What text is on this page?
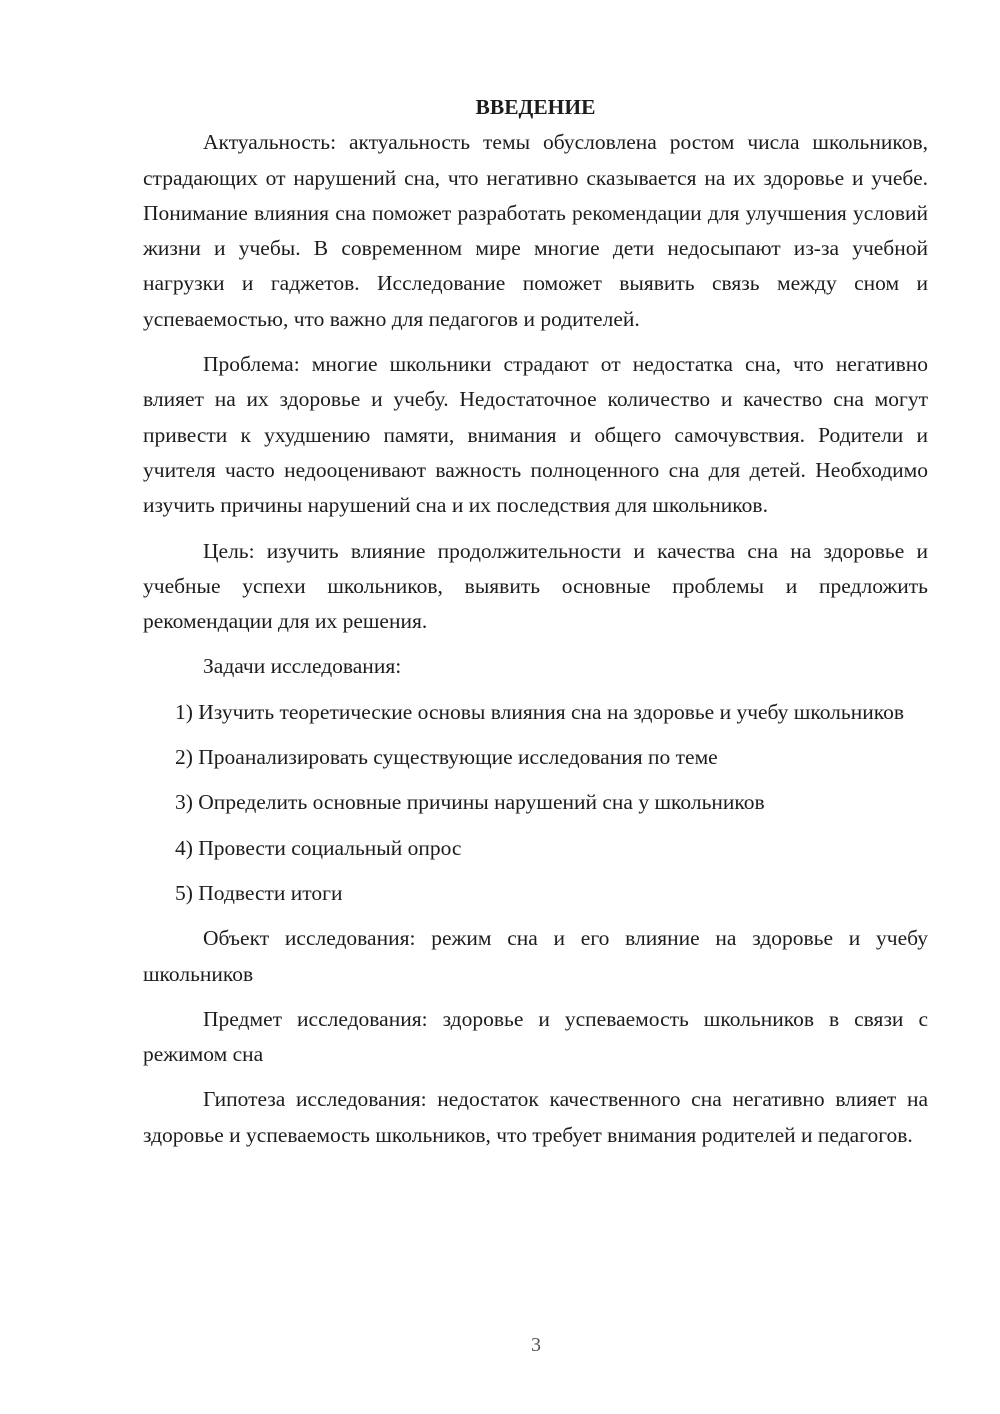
ВВЕДЕНИЕ

Актуальность: актуальность темы обусловлена ростом числа школьников, страдающих от нарушений сна, что негативно сказывается на их здоровье и учебе. Понимание влияния сна поможет разработать рекомендации для улучшения условий жизни и учебы. В современном мире многие дети недосыпают из-за учебной нагрузки и гаджетов. Исследование поможет выявить связь между сном и успеваемостью, что важно для педагогов и родителей.

Проблема: многие школьники страдают от недостатка сна, что негативно влияет на их здоровье и учебу. Недостаточное количество и качество сна могут привести к ухудшению памяти, внимания и общего самочувствия. Родители и учителя часто недооценивают важность полноценного сна для детей. Необходимо изучить причины нарушений сна и их последствия для школьников.

Цель: изучить влияние продолжительности и качества сна на здоровье и учебные успехи школьников, выявить основные проблемы и предложить рекомендации для их решения.

Задачи исследования:

1) Изучить теоретические основы влияния сна на здоровье и учебу школьников

2) Проанализировать существующие исследования по теме

3) Определить основные причины нарушений сна у школьников

4) Провести социальный опрос

5) Подвести итоги

Объект исследования: режим сна и его влияние на здоровье и учебу школьников

Предмет исследования: здоровье и успеваемость школьников в связи с режимом сна

Гипотеза исследования: недостаток качественного сна негативно влияет на здоровье и успеваемость школьников, что требует внимания родителей и педагогов.

3
